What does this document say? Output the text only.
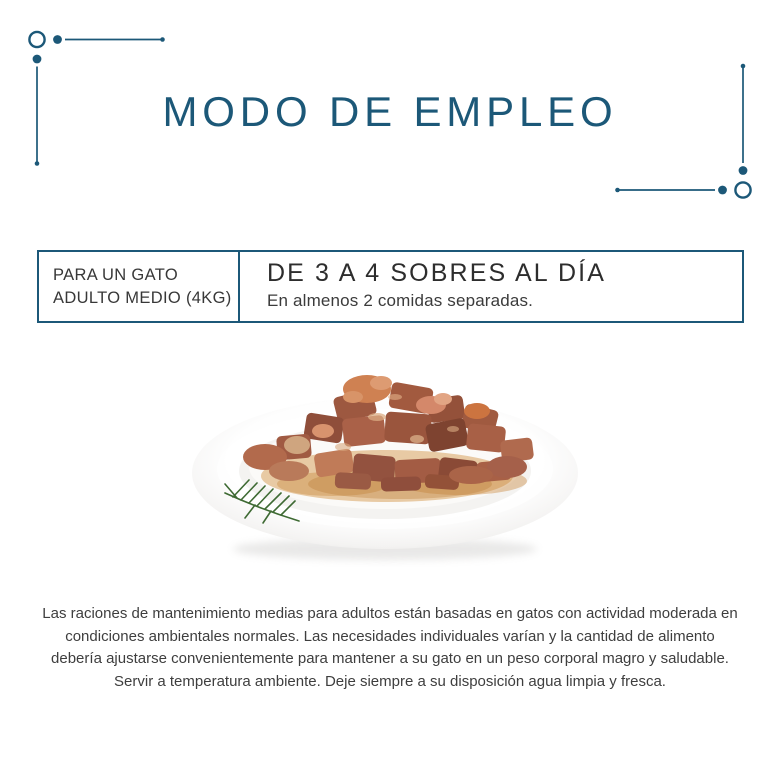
MODO DE EMPLEO
PARA UN GATO
ADULTO MEDIO (4KG)
DE 3 A 4 SOBRES AL DÍA
En almenos 2 comidas separadas.
Las raciones de mantenimiento medias para adultos están basadas en gatos con actividad moderada en
condiciones ambientales normales. Las necesidades individuales varían y la cantidad de alimento
debería ajustarse convenientemente para mantener a su gato en un peso corporal magro y saludable.
Servir a temperatura ambiente. Deje siempre a su disposición agua limpia y fresca.
